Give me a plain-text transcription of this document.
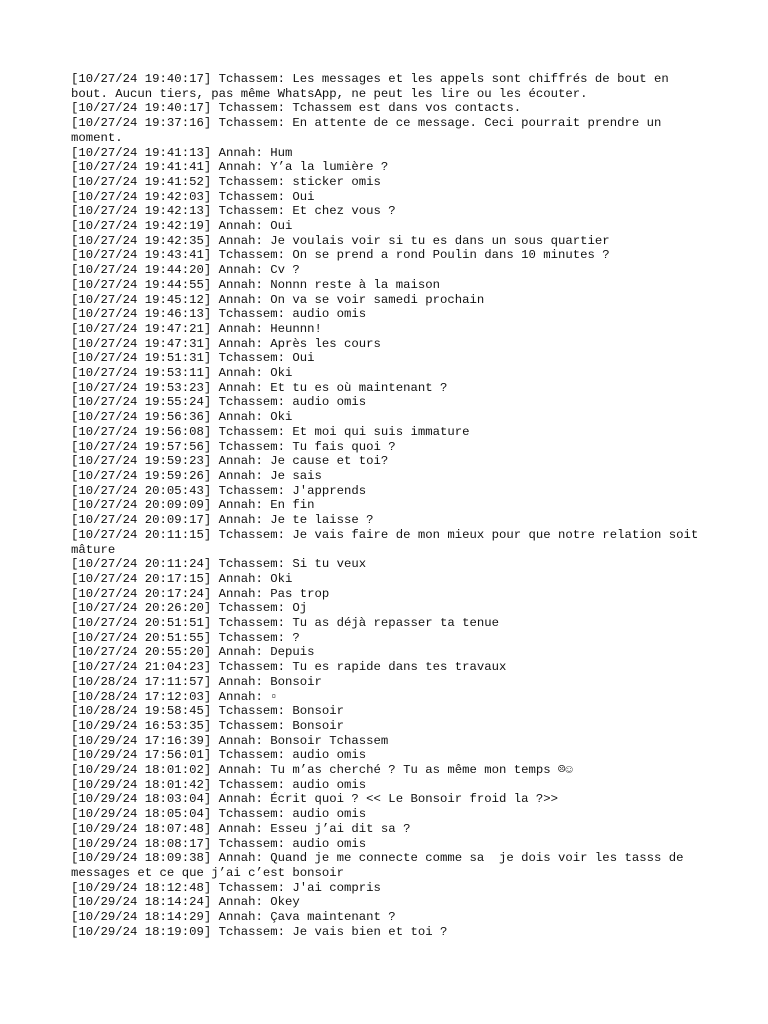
[10/27/24 19:40:17] Tchassem: Les messages et les appels sont chiffrés de bout en bout. Aucun tiers, pas même WhatsApp, ne peut les lire ou les écouter.
[10/27/24 19:40:17] Tchassem: Tchassem est dans vos contacts.
[10/27/24 19:37:16] Tchassem: En attente de ce message. Ceci pourrait prendre un moment.
[10/27/24 19:41:13] Annah: Hum
[10/27/24 19:41:41] Annah: Y’a la lumière ?
[10/27/24 19:41:52] Tchassem: sticker omis
[10/27/24 19:42:03] Tchassem: Oui
[10/27/24 19:42:13] Tchassem: Et chez vous ?
[10/27/24 19:42:19] Annah: Oui
[10/27/24 19:42:35] Annah: Je voulais voir si tu es dans un sous quartier
[10/27/24 19:43:41] Tchassem: On se prend a rond Poulin dans 10 minutes ?
[10/27/24 19:44:20] Annah: Cv ?
[10/27/24 19:44:55] Annah: Nonnn reste à la maison
[10/27/24 19:45:12] Annah: On va se voir samedi prochain
[10/27/24 19:46:13] Tchassem: audio omis
[10/27/24 19:47:21] Annah: Heunnn!
[10/27/24 19:47:31] Annah: Après les cours
[10/27/24 19:51:31] Tchassem: Oui
[10/27/24 19:53:11] Annah: Oki
[10/27/24 19:53:23] Annah: Et tu es où maintenant ?
[10/27/24 19:55:24] Tchassem: audio omis
[10/27/24 19:56:36] Annah: Oki
[10/27/24 19:56:08] Tchassem: Et moi qui suis immature
[10/27/24 19:57:56] Tchassem: Tu fais quoi ?
[10/27/24 19:59:23] Annah: Je cause et toi?
[10/27/24 19:59:26] Annah: Je sais
[10/27/24 20:05:43] Tchassem: J'apprends
[10/27/24 20:09:09] Annah: En fin
[10/27/24 20:09:17] Annah: Je te laisse ?
[10/27/24 20:11:15] Tchassem: Je vais faire de mon mieux pour que notre relation soit mâture
[10/27/24 20:11:24] Tchassem: Si tu veux
[10/27/24 20:17:15] Annah: Oki
[10/27/24 20:17:24] Annah: Pas trop
[10/27/24 20:26:20] Tchassem: Oj
[10/27/24 20:51:51] Tchassem: Tu as déjà repasser ta tenue
[10/27/24 20:51:55] Tchassem: ?
[10/27/24 20:55:20] Annah: Depuis
[10/27/24 21:04:23] Tchassem: Tu es rapide dans tes travaux
[10/28/24 17:11:57] Annah: Bonsoir
[10/28/24 17:12:03] Annah: ▫
[10/28/24 19:58:45] Tchassem: Bonsoir
[10/29/24 16:53:35] Tchassem: Bonsoir
[10/29/24 17:16:39] Annah: Bonsoir Tchassem
[10/29/24 17:56:01] Tchassem: audio omis
[10/29/24 18:01:02] Annah: Tu m’as cherché ? Tu as même mon temps ☹☺
[10/29/24 18:01:42] Tchassem: audio omis
[10/29/24 18:03:04] Annah: Écrit quoi ? << Le Bonsoir froid la ?>>
[10/29/24 18:05:04] Tchassem: audio omis
[10/29/24 18:07:48] Annah: Esseu j’ai dit sa ?
[10/29/24 18:08:17] Tchassem: audio omis
[10/29/24 18:09:38] Annah: Quand je me connecte comme sa  je dois voir les tasss de messages et ce que j’ai c’est bonsoir
[10/29/24 18:12:48] Tchassem: J'ai compris
[10/29/24 18:14:24] Annah: Okey
[10/29/24 18:14:29] Annah: Çava maintenant ?
[10/29/24 18:19:09] Tchassem: Je vais bien et toi ?
